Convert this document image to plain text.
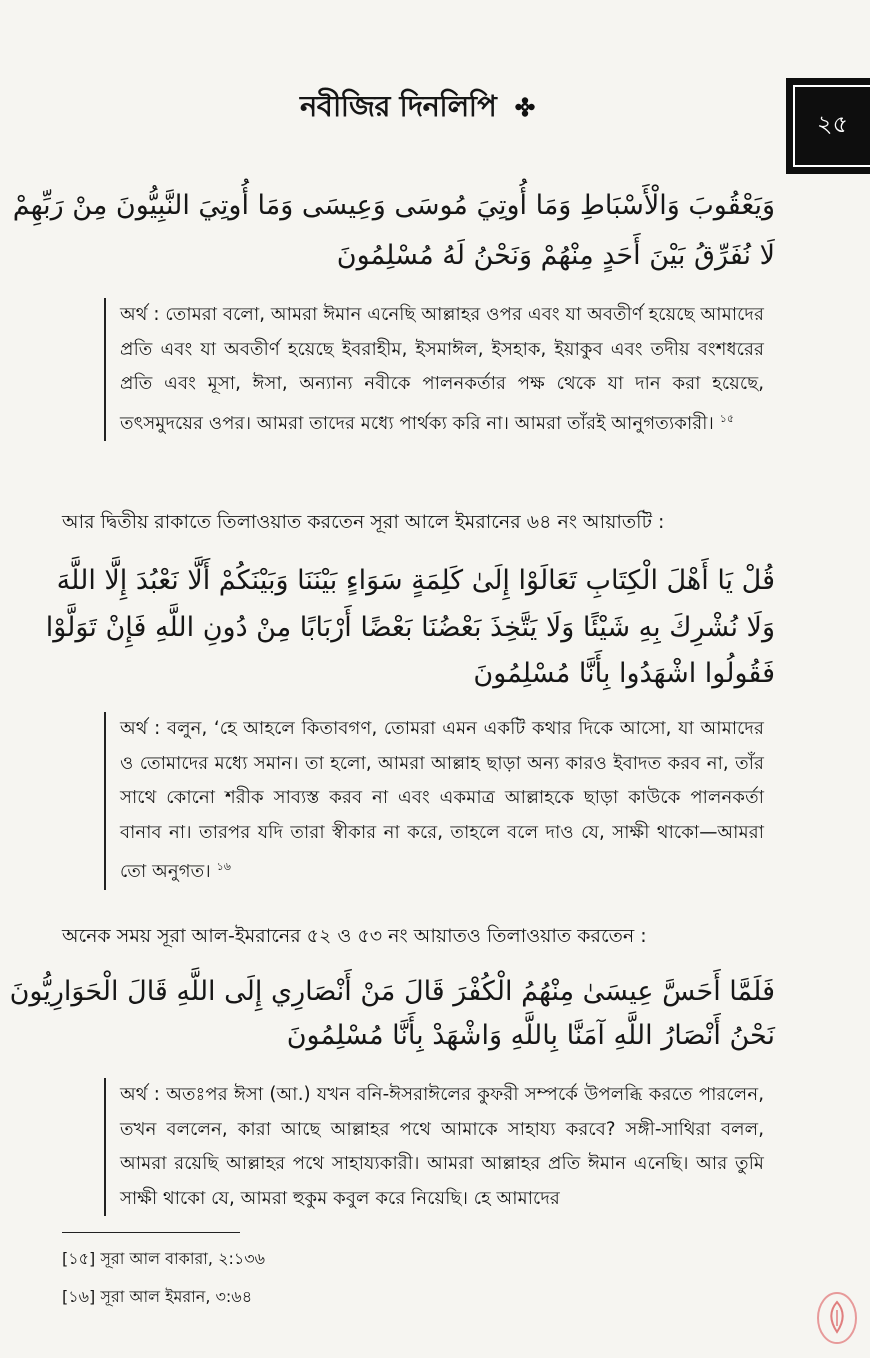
নবীজির দিনলিপি
২৫
وَيَعْقُوبَ وَالْأَسْبَاطِ وَمَا أُوتِيَ مُوسَى وَعِيسَى وَمَا أُوتِيَ النَّبِيُّونَ مِنْ رَبِّهِمْ
لَا نُفَرِّقُ بَيْنَ أَحَدٍ مِنْهُمْ وَنَحْنُ لَهُ مُسْلِمُونَ

অর্থ : তোমরা বলো, আমরা ঈমান এনেছি আল্লাহর ওপর এবং যা অবতীর্ণ হয়েছে আমাদের প্রতি এবং যা অবতীর্ণ হয়েছে ইবরাহীম, ইসমাঈল, ইসহাক, ইয়াকুব এবং তদীয় বংশধরের প্রতি এবং মূসা, ঈসা, অন্যান্য নবীকে পালনকর্তার পক্ষ থেকে যা দান করা হয়েছে, তৎসমুদয়ের ওপর। আমরা তাদের মধ্যে পার্থক্য করি না। আমরা তাঁরই আনুগত্যকারী। $^{১৫}$

আর দ্বিতীয় রাকাতে তিলাওয়াত করতেন সূরা আলে ইমরানের ৬৪ নং আয়াতটি :
قُلْ يَا أَهْلَ الْكِتَابِ تَعَالَوْا إِلَىٰ كَلِمَةٍ سَوَاءٍ بَيْنَنَا وَبَيْنَكُمْ أَلَّا نَعْبُدَ إِلَّا اللَّهَ
وَلَا نُشْرِكَ بِهِ شَيْئًا وَلَا يَتَّخِذَ بَعْضُنَا بَعْضًا أَرْبَابًا مِنْ دُونِ اللَّهِ فَإِنْ تَوَلَّوْا
فَقُولُوا اشْهَدُوا بِأَنَّا مُسْلِمُونَ

অর্থ : বলুন, ‘হে আহলে কিতাবগণ, তোমরা এমন একটি কথার দিকে আসো, যা আমাদের ও তোমাদের মধ্যে সমান। তা হলো, আমরা আল্লাহ ছাড়া অন্য কারও ইবাদত করব না, তাঁর সাথে কোনো শরীক সাব্যস্ত করব না এবং একমাত্র আল্লাহকে ছাড়া কাউকে পালনকর্তা বানাব না। তারপর যদি তারা স্বীকার না করে, তাহলে বলে দাও যে, সাক্ষী থাকো—আমরা তো অনুগত। $^{১৬}$

অনেক সময় সূরা আল-ইমরানের ৫২ ও ৫৩ নং আয়াতও তিলাওয়াত করতেন :
فَلَمَّا أَحَسَّ عِيسَىٰ مِنْهُمُ الْكُفْرَ قَالَ مَنْ أَنْصَارِي إِلَى اللَّهِ قَالَ الْحَوَارِيُّونَ
نَحْنُ أَنْصَارُ اللَّهِ آمَنَّا بِاللَّهِ وَاشْهَدْ بِأَنَّا مُسْلِمُونَ

অর্থ : অতঃপর ঈসা (আ.) যখন বনি-ঈসরাঈলের কুফরী সম্পর্কে উপলব্ধি করতে পারলেন, তখন বললেন, কারা আছে আল্লাহর পথে আমাকে সাহায্য করবে? সঙ্গী-সাথিরা বলল, আমরা রয়েছি আল্লাহর পথে সাহায্যকারী। আমরা আল্লাহর প্রতি ঈমান এনেছি। আর তুমি সাক্ষী থাকো যে, আমরা হুকুম কবুল করে নিয়েছি। হে আমাদের

[১৫] সূরা আল বাকারা, ২:১৩৬
[১৬] সূরা আল ইমরান, ৩:৬৪
